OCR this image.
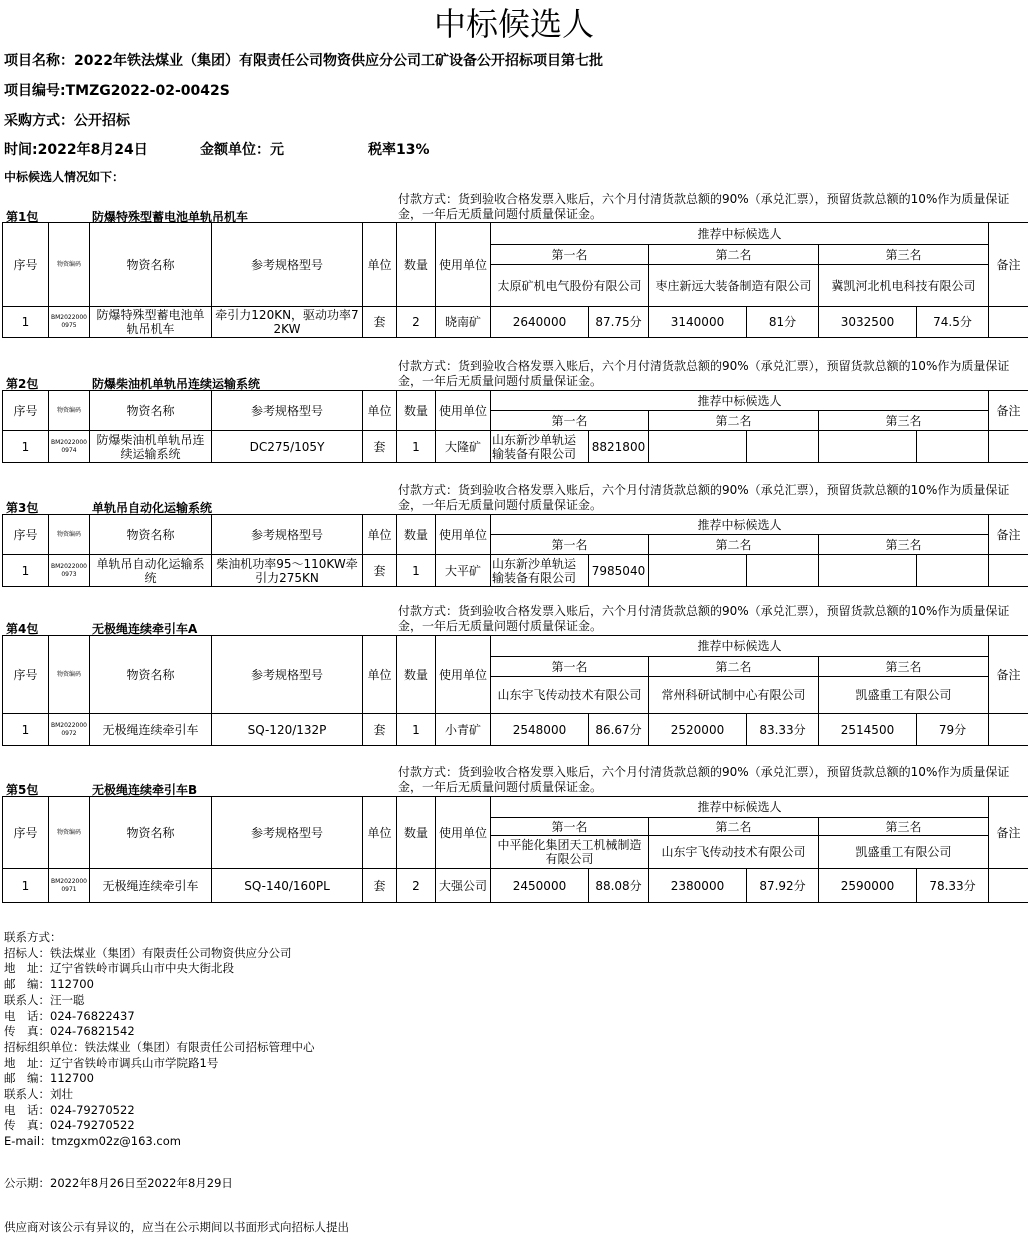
中标候选人
项目名称：2022年铁法煤业（集团）有限责任公司物资供应分公司工矿设备公开招标项目第七批
项目编号:TMZG2022-02-0042S
采购方式：公开招标
时间:2022年8月24日	金额单位：元	税率13%
中标候选人情况如下：
付款方式：货到验收合格发票入账后，六个月付清货款总额的90%（承兑汇票），预留货款总额的10%作为质量保证金，一年后无质量问题付质量保证金。
第1包	防爆特殊型蓄电池单轨吊机车
序号	物资编码	物资名称	参考规格型号	单位	数量	使用单位	推荐中标候选人						备注
							第一名		第二名		第三名		
							太原矿机电气股份有限公司		枣庄新远大装备制造有限公司		冀凯河北机电科技有限公司		
1	BM2022000 0975	防爆特殊型蓄电池单轨吊机车	牵引力120KN，驱动功率72KW	套	2	晓南矿	2640000	87.75分	3140000	81分	3032500	74.5分	
付款方式：货到验收合格发票入账后，六个月付清货款总额的90%（承兑汇票），预留货款总额的10%作为质量保证金，一年后无质量问题付质量保证金。
第2包	防爆柴油机单轨吊连续运输系统
序号	物资编码	物资名称	参考规格型号	单位	数量	使用单位	推荐中标候选人						备注
							第一名		第二名		第三名		
1	BM2022000 0974	防爆柴油机单轨吊连续运输系统	DC275/105Y	套	1	大隆矿	山东新沙单轨运输装备有限公司	8821800					
付款方式：货到验收合格发票入账后，六个月付清货款总额的90%（承兑汇票），预留货款总额的10%作为质量保证金，一年后无质量问题付质量保证金。
第3包	单轨吊自动化运输系统
序号	物资编码	物资名称	参考规格型号	单位	数量	使用单位	推荐中标候选人						备注
							第一名		第二名		第三名		
1	BM2022000 0973	单轨吊自动化运输系统	柴油机功率95～110KW牵引力275KN	套	1	大平矿	山东新沙单轨运输装备有限公司	7985040					
付款方式：货到验收合格发票入账后，六个月付清货款总额的90%（承兑汇票），预留货款总额的10%作为质量保证金，一年后无质量问题付质量保证金。
第4包	无极绳连续牵引车A
序号	物资编码	物资名称	参考规格型号	单位	数量	使用单位	推荐中标候选人						备注
							第一名		第二名		第三名		
							山东宇飞传动技术有限公司		常州科研试制中心有限公司		凯盛重工有限公司		
1	BM2022000 0972	无极绳连续牵引车	SQ-120/132P	套	1	小青矿	2548000	86.67分	2520000	83.33分	2514500	79分	
付款方式：货到验收合格发票入账后，六个月付清货款总额的90%（承兑汇票），预留货款总额的10%作为质量保证金，一年后无质量问题付质量保证金。
第5包	无极绳连续牵引车B
序号	物资编码	物资名称	参考规格型号	单位	数量	使用单位	推荐中标候选人						备注
							第一名		第二名		第三名		
							中平能化集团天工机械制造有限公司		山东宇飞传动技术有限公司		凯盛重工有限公司		
1	BM2022000 0971	无极绳连续牵引车	SQ-140/160PL	套	2	大强公司	2450000	88.08分	2380000	87.92分	2590000	78.33分	
联系方式：
招标人：铁法煤业（集团）有限责任公司物资供应分公司
地　址：辽宁省铁岭市调兵山市中央大街北段
邮　编：112700
联系人：汪一聪
电　话：024-76822437
传　真：024-76821542
招标组织单位：铁法煤业（集团）有限责任公司招标管理中心
地　址：辽宁省铁岭市调兵山市学院路1号
邮　编：112700
联系人：刘壮
电　话：024-79270522
传　真：024-79270522
E-mail：tmzgxm02z@163.com
公示期：2022年8月26日至2022年8月29日
供应商对该公示有异议的，应当在公示期间以书面形式向招标人提出
